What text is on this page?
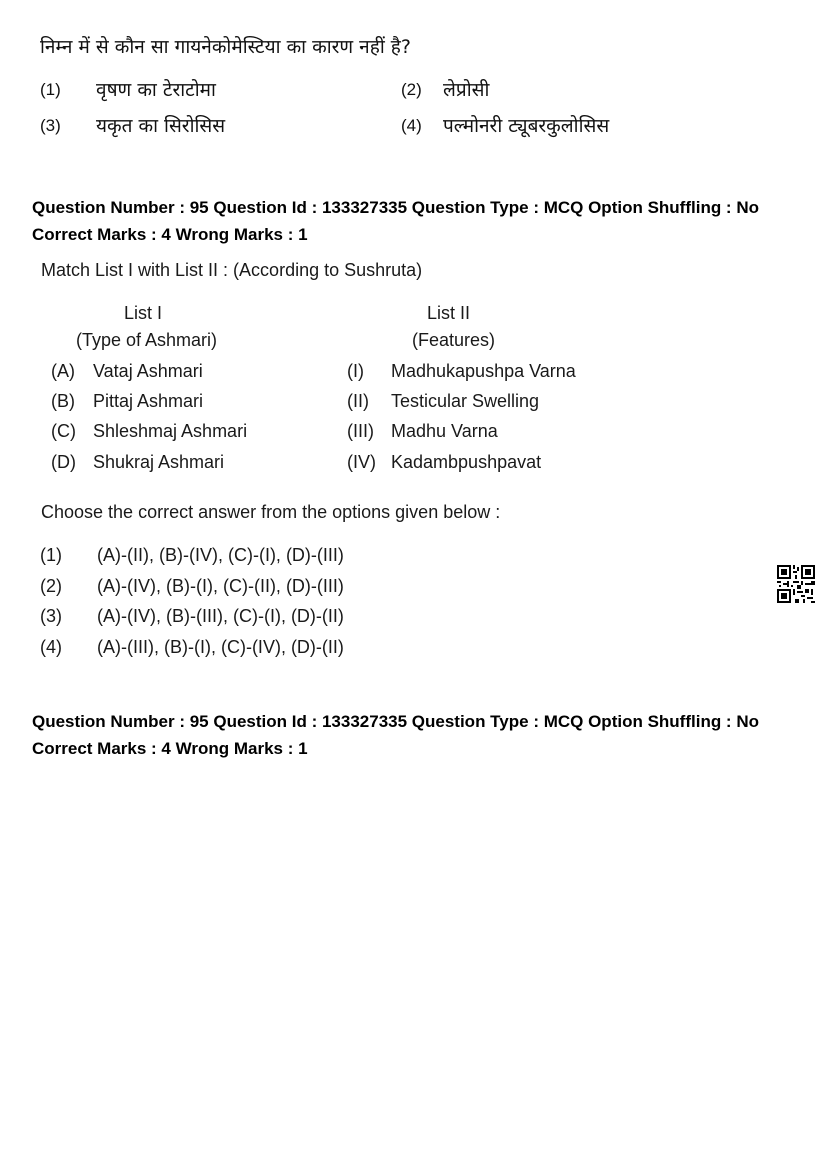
निम्न में से कौन सा गायनेकोमेस्टिया का कारण नहीं है?
(1) वृषण का टेराटोमा	(2) लेप्रोसी
(3) यकृत का सिरोसिस	(4) पल्मोनरी ट्यूबरकुलोसिस
Question Number : 95 Question Id : 133327335 Question Type : MCQ Option Shuffling : No
Correct Marks : 4 Wrong Marks : 1
Match List I with List II : (According to Sushruta)
List I
(Type of Ashmari)
List II
(Features)
(A) Vataj Ashmari	(I) Madhukapushpa Varna
(B) Pittaj Ashmari	(II) Testicular Swelling
(C) Shleshmaj Ashmari	(III) Madhu Varna
(D) Shukraj Ashmari	(IV) Kadambpushpavat
Choose the correct answer from the options given below :
(1) (A)-(II), (B)-(IV), (C)-(I), (D)-(III)
(2) (A)-(IV), (B)-(I), (C)-(II), (D)-(III)
(3) (A)-(IV), (B)-(III), (C)-(I), (D)-(II)
(4) (A)-(III), (B)-(I), (C)-(IV), (D)-(II)
Question Number : 95 Question Id : 133327335 Question Type : MCQ Option Shuffling : No
Correct Marks : 4 Wrong Marks : 1
